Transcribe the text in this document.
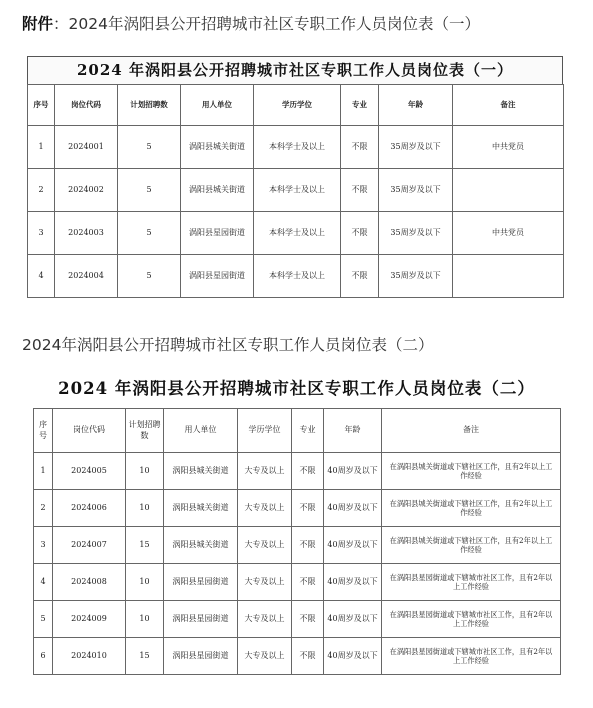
附件：2024年涡阳县公开招聘城市社区专职工作人员岗位表（一）
2024 年涡阳县公开招聘城市社区专职工作人员岗位表（一）
序号	岗位代码	计划招聘数	用人单位	学历学位	专业	年龄	备注
1	2024001	5	涡阳县城关街道	本科学士及以上	不限	35周岁及以下	中共党员
2	2024002	5	涡阳县城关街道	本科学士及以上	不限	35周岁及以下	
3	2024003	5	涡阳县星园街道	本科学士及以上	不限	35周岁及以下	中共党员
4	2024004	5	涡阳县星园街道	本科学士及以上	不限	35周岁及以下	
2024年涡阳县公开招聘城市社区专职工作人员岗位表（二）
2024 年涡阳县公开招聘城市社区专职工作人员岗位表（二）
序号	岗位代码	计划招聘数	用人单位	学历学位	专业	年龄	备注
1	2024005	10	涡阳县城关街道	大专及以上	不限	40周岁及以下	在涡阳县城关街道或下辖社区工作，且有2年以上工作经验
2	2024006	10	涡阳县城关街道	大专及以上	不限	40周岁及以下	在涡阳县城关街道或下辖社区工作，且有2年以上工作经验
3	2024007	15	涡阳县城关街道	大专及以上	不限	40周岁及以下	在涡阳县城关街道或下辖社区工作，且有2年以上工作经验
4	2024008	10	涡阳县星园街道	大专及以上	不限	40周岁及以下	在涡阳县星园街道或下辖城市社区工作，且有2年以上工作经验
5	2024009	10	涡阳县星园街道	大专及以上	不限	40周岁及以下	在涡阳县星园街道或下辖城市社区工作，且有2年以上工作经验
6	2024010	15	涡阳县星园街道	大专及以上	不限	40周岁及以下	在涡阳县星园街道或下辖城市社区工作，且有2年以上工作经验
